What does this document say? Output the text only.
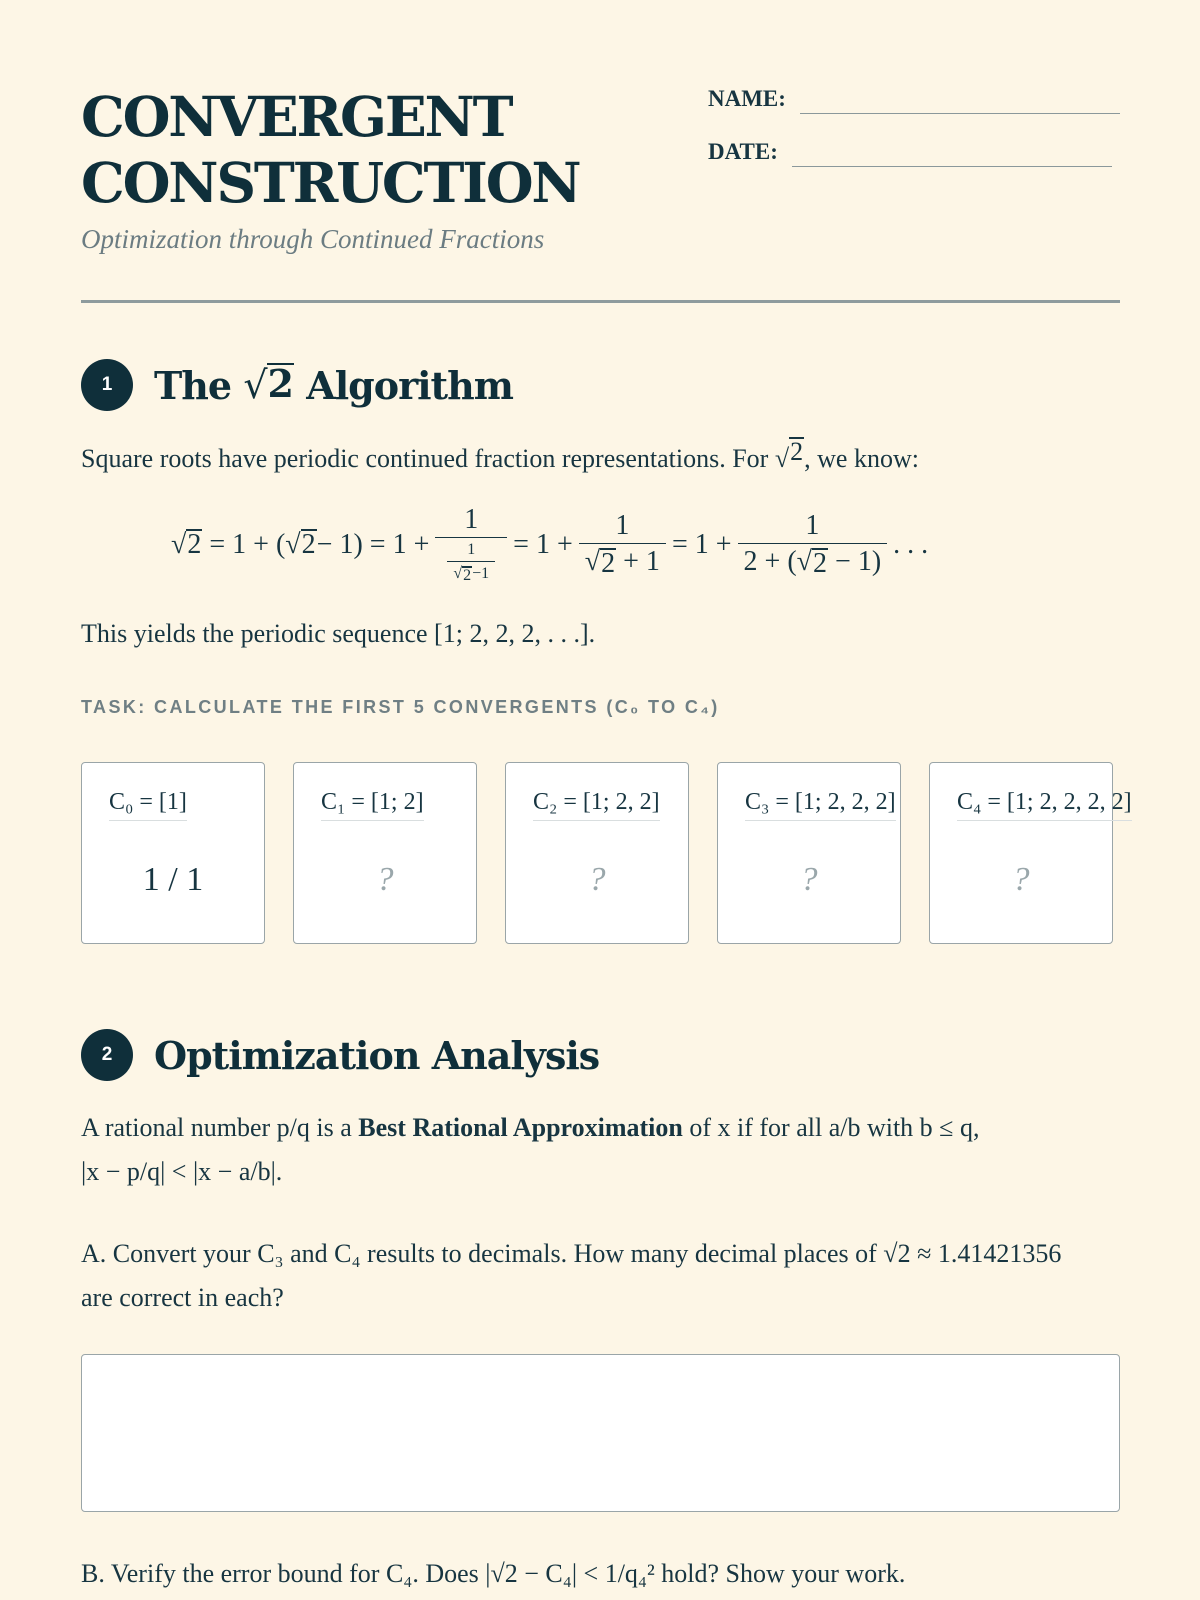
CONVERGENT
CONSTRUCTION
Optimization through Continued Fractions
NAME:
DATE:
1	The
√ 2
Algorithm
Square roots have periodic continued fraction representations. For √ 2 , we know:
√ 2 = 1 + ( √ $2 - 1) = 1 + \frac{1}{\frac{1}{√ 2 -1}} = 1 + \frac{1}{√ 2 + 1} = 1 + \frac{1}{2 + ( √ 2 - 1)}$ . . .
This yields the periodic sequence [1; 2, 2, 2, . . .].
TASK: CALCULATE THE FIRST 5 CONVERGENTS (C₀ TO C₄)
C₀ = [1]
1 / 1
C₁ = [1; 2]
?
C₂ = [1; 2, 2]
?
C₃ = [1; 2, 2, 2]
?
C₄ = [1; 2, 2, 2, 2]
?
2	Optimization Analysis
A rational number p/q is a Best Rational Approximation of x if for all a/b with b ≤ q,
|x − p/q| < |x − a/b|.
A. Convert your C₃ and C₄ results to decimals. How many decimal places of √2 ≈ 1.41421356
are correct in each?
B. Verify the error bound for C₄. Does |√2 − C₄| < 1/q₄² hold? Show your work.
